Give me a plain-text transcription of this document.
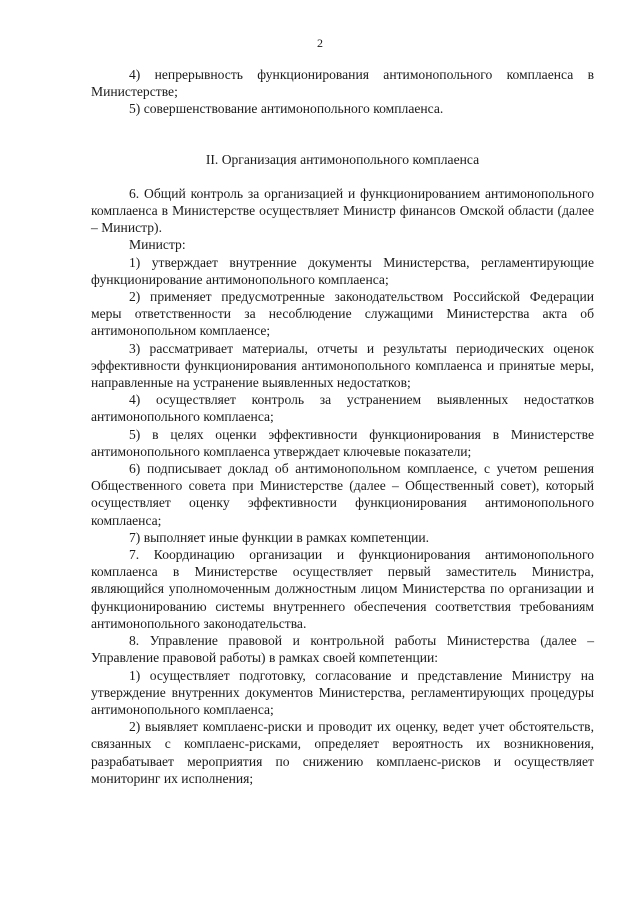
2

4) непрерывность функционирования антимонопольного комплаенса в Министерстве;

5) совершенствование антимонопольного комплаенса.

II. Организация антимонопольного комплаенса

6. Общий контроль за организацией и функционированием антимонопольного комплаенса в Министерстве осуществляет Министр финансов Омской области (далее – Министр).

Министр:

1) утверждает внутренние документы Министерства, регламентирующие функционирование антимонопольного комплаенса;

2) применяет предусмотренные законодательством Российской Федерации меры ответственности за несоблюдение служащими Министерства акта об антимонопольном комплаенсе;

3) рассматривает материалы, отчеты и результаты периодических оценок эффективности функционирования антимонопольного комплаенса и принятые меры, направленные на устранение выявленных недостатков;

4) осуществляет контроль за устранением выявленных недостатков антимонопольного комплаенса;

5) в целях оценки эффективности функционирования в Министерстве антимонопольного комплаенса утверждает ключевые показатели;

6) подписывает доклад об антимонопольном комплаенсе, с учетом решения Общественного совета при Министерстве (далее – Общественный совет), который осуществляет оценку эффективности функционирования антимонопольного комплаенса;

7) выполняет иные функции в рамках компетенции.

7. Координацию организации и функционирования антимонопольного комплаенса в Министерстве осуществляет первый заместитель Министра, являющийся уполномоченным должностным лицом Министерства по организации и функционированию системы внутреннего обеспечения соответствия требованиям антимонопольного законодательства.

8. Управление правовой и контрольной работы Министерства (далее – Управление правовой работы) в рамках своей компетенции:

1) осуществляет подготовку, согласование и представление Министру на утверждение внутренних документов Министерства, регламентирующих процедуры антимонопольного комплаенса;

2) выявляет комплаенс-риски и проводит их оценку, ведет учет обстоятельств, связанных с комплаенс-рисками, определяет вероятность их возникновения, разрабатывает мероприятия по снижению комплаенс-рисков и осуществляет мониторинг их исполнения;
